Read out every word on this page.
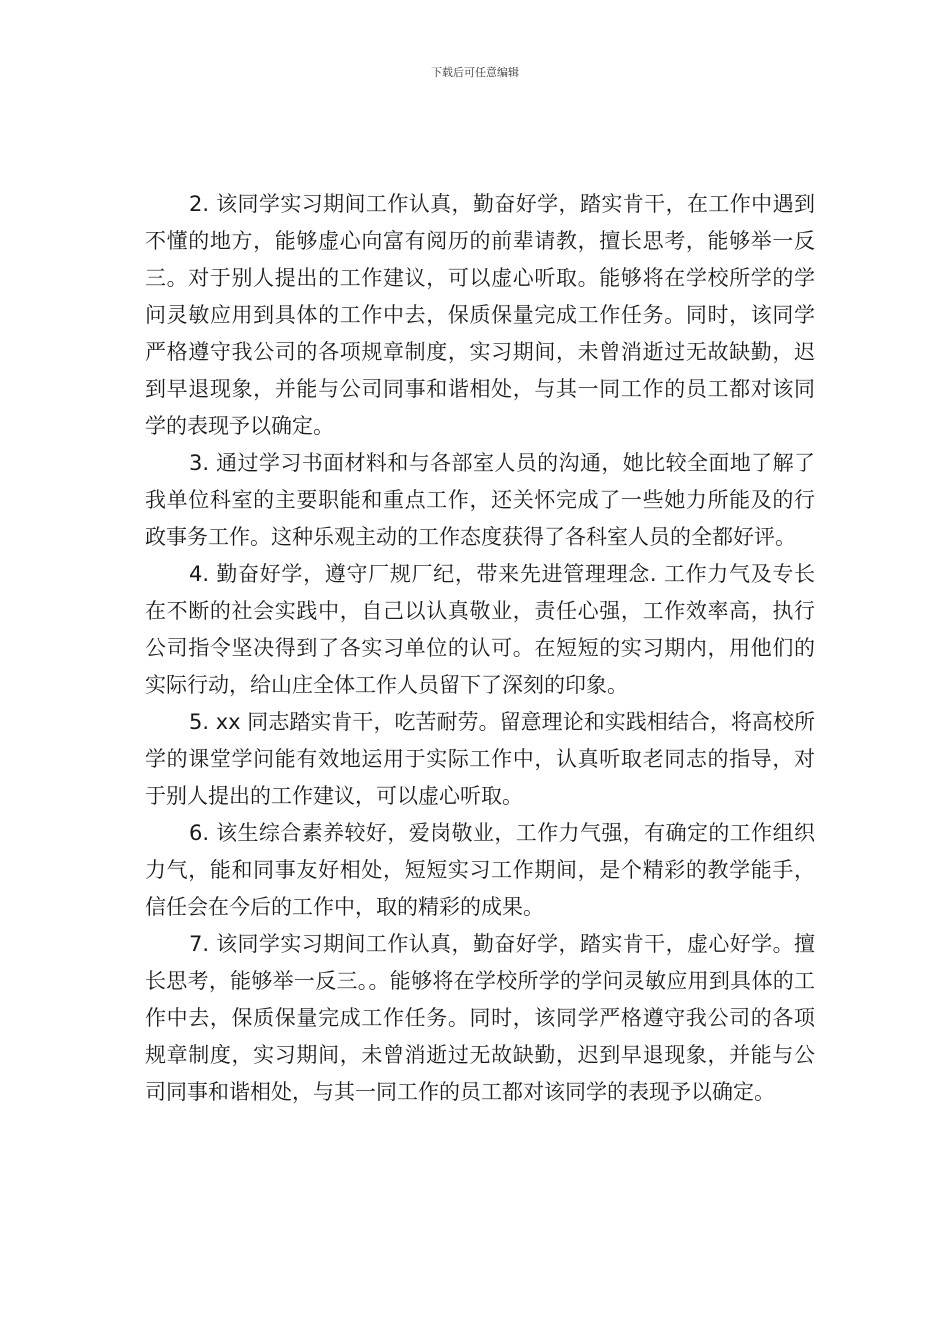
下载后可任意编辑

2. 该同学实习期间工作认真，勤奋好学，踏实肯干，在工作中遇到不懂的地方，能够虚心向富有阅历的前辈请教，擅长思考，能够举一反三。对于别人提出的工作建议，可以虚心听取。能够将在学校所学的学问灵敏应用到具体的工作中去，保质保量完成工作任务。同时，该同学严格遵守我公司的各项规章制度，实习期间，未曾消逝过无故缺勤，迟到早退现象，并能与公司同事和谐相处，与其一同工作的员工都对该同学的表现予以确定。

3. 通过学习书面材料和与各部室人员的沟通，她比较全面地了解了我单位科室的主要职能和重点工作，还关怀完成了一些她力所能及的行政事务工作。这种乐观主动的工作态度获得了各科室人员的全都好评。

4. 勤奋好学，遵守厂规厂纪，带来先进管理理念. 工作力气及专长 在不断的社会实践中，自己以认真敬业，责任心强，工作效率高，执行公司指令坚决得到了各实习单位的认可。在短短的实习期内，用他们的实际行动，给山庄全体工作人员留下了深刻的印象。

5. xx 同志踏实肯干，吃苦耐劳。留意理论和实践相结合，将高校所学的课堂学问能有效地运用于实际工作中，认真听取老同志的指导，对于别人提出的工作建议，可以虚心听取。

6. 该生综合素养较好，爱岗敬业，工作力气强，有确定的工作组织力气，能和同事友好相处，短短实习工作期间，是个精彩的教学能手，信任会在今后的工作中，取的精彩的成果。

7. 该同学实习期间工作认真，勤奋好学，踏实肯干，虚心好学。擅长思考，能够举一反三。。能够将在学校所学的学问灵敏应用到具体的工作中去，保质保量完成工作任务。同时，该同学严格遵守我公司的各项规章制度，实习期间，未曾消逝过无故缺勤，迟到早退现象，并能与公司同事和谐相处，与其一同工作的员工都对该同学的表现予以确定。
